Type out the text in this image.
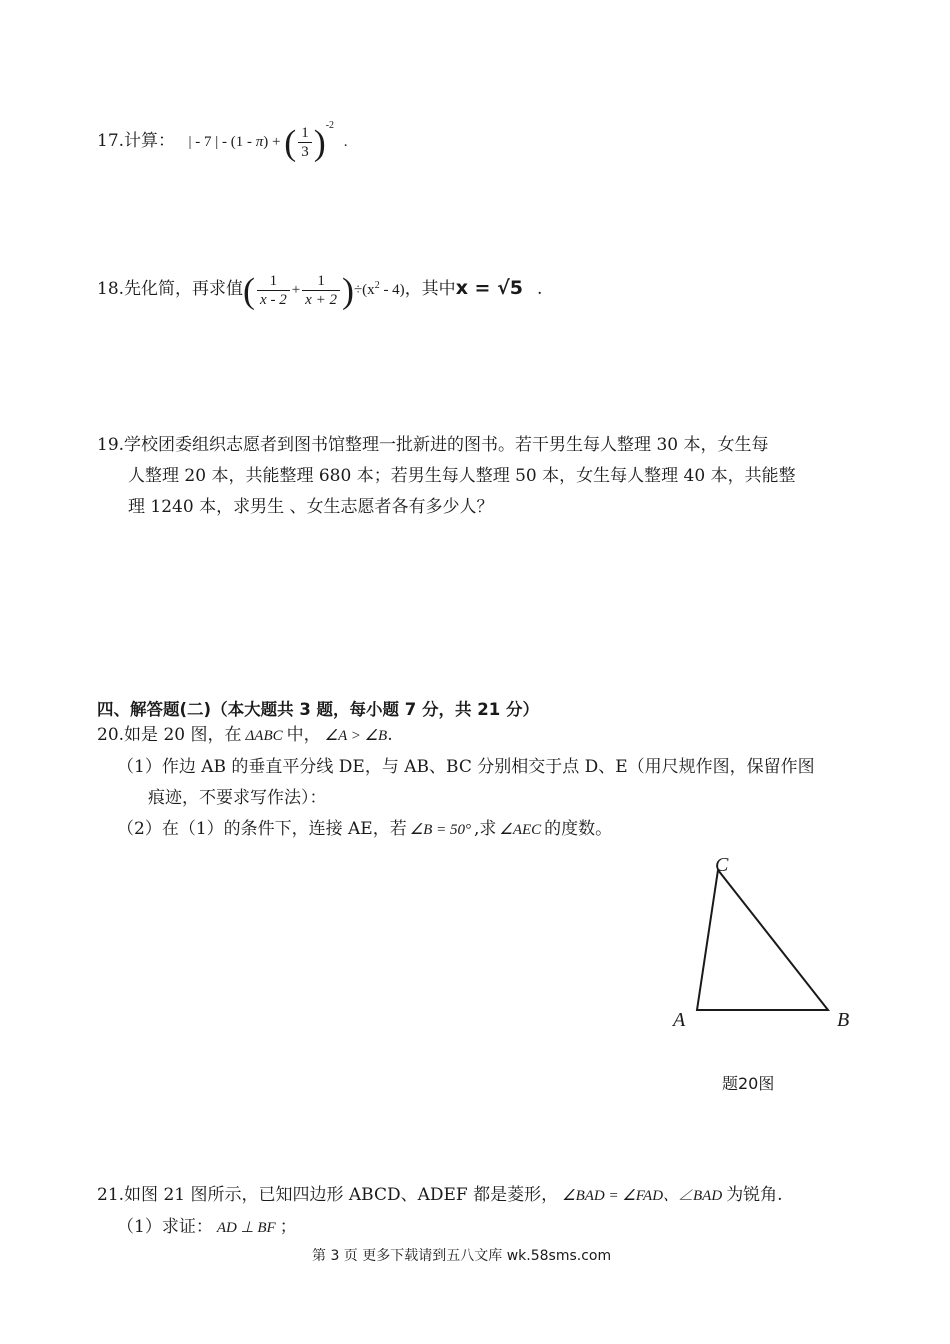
17.计算： | - 7 | - (1 - π) + ( $\frac{1}{3} )^{-2}$ .
18.先化简，再求值( $\frac{1}{x - 2} + \frac{1}{x + 2} )\div(x^2 - 4)$，其中x = √5 .
19.学校团委组织志愿者到图书馆整理一批新进的图书。若干男生每人整理 30 本，女生每
人整理 20 本，共能整理 680 本；若男生每人整理 50 本，女生每人整理 40 本，共能整
理 1240 本，求男生 、女生志愿者各有多少人？
四、解答题(二)（本大题共 3 题，每小题 7 分，共 21 分）
20.如是 20 图，在 ΔABC 中， ∠A > ∠B.
（1）作边 AB 的垂直平分线 DE，与 AB、BC 分别相交于点 D、E（用尺规作图，保留作图
痕迹，不要求写作法）：
（2）在（1）的条件下，连接 AE，若 ∠B = 50° ,求 ∠AEC 的度数。
C
A	B
题20图
21.如图 21 图所示，已知四边形 ABCD、ADEF 都是菱形， ∠BAD = ∠FAD、∠BAD 为锐角.
（1）求证： AD ⊥ BF ；
第 3 页 更多下载请到五八文库 wk.58sms.com
